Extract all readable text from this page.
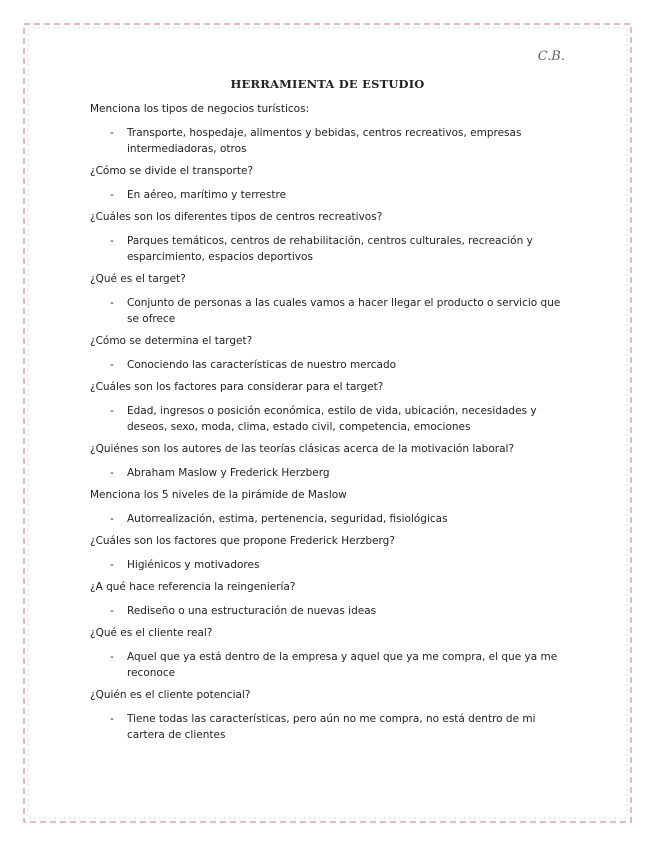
C.B.
HERRAMIENTA DE ESTUDIO

Menciona los tipos de negocios turísticos:

- Transporte, hospedaje, alimentos y bebidas, centros recreativos, empresas intermediadoras, otros

¿Cómo se divide el transporte?

- En aéreo, marítimo y terrestre

¿Cuáles son los diferentes tipos de centros recreativos?

- Parques temáticos, centros de rehabilitación, centros culturales, recreación y esparcimiento, espacios deportivos

¿Qué es el target?

- Conjunto de personas a las cuales vamos a hacer llegar el producto o servicio que se ofrece

¿Cómo se determina el target?

- Conociendo las características de nuestro mercado

¿Cuáles son los factores para considerar para el target?

- Edad, ingresos o posición económica, estilo de vida, ubicación, necesidades y deseos, sexo, moda, clima, estado civil, competencia, emociones

¿Quiénes son los autores de las teorías clásicas acerca de la motivación laboral?

- Abraham Maslow y Frederick Herzberg

Menciona los 5 niveles de la pirámide de Maslow

- Autorrealización, estima, pertenencia, seguridad, fisiológicas

¿Cuáles son los factores que propone Frederick Herzberg?

- Higiénicos y motivadores

¿A qué hace referencia la reingeniería?

- Rediseño o una estructuración de nuevas ideas

¿Qué es el cliente real?

- Aquel que ya está dentro de la empresa y aquel que ya me compra, el que ya me reconoce

¿Quién es el cliente potencial?

- Tiene todas las características, pero aún no me compra, no está dentro de mi cartera de clientes
